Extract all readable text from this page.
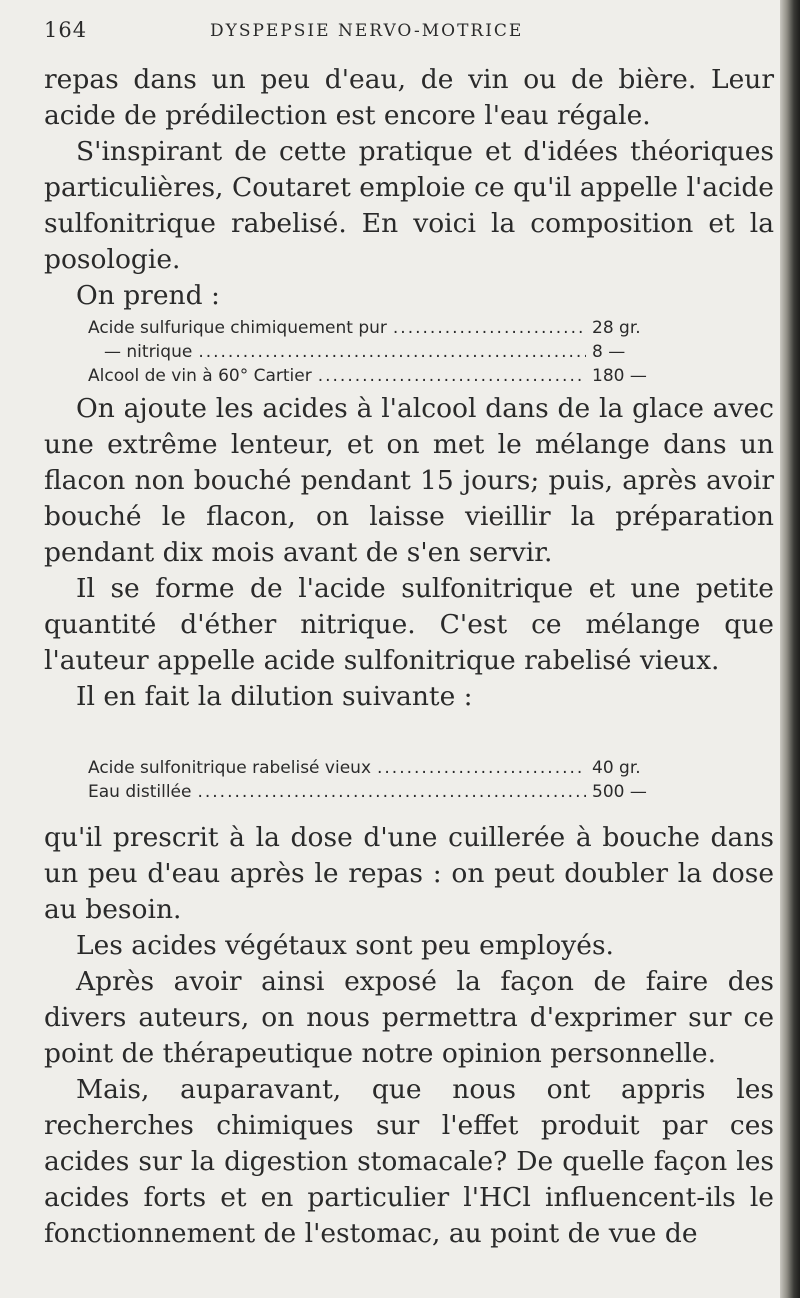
164	DYSPEPSIE NERVO-MOTRICE

repas dans un peu d'eau, de vin ou de bière. Leur acide de prédilection est encore l'eau régale.

S'inspirant de cette pratique et d'idées théoriques particulières, Coutaret emploie ce qu'il appelle l'acide sulfonitrique rabelisé. En voici la composition et la posologie.

On prend :

Acide sulfurique chimiquement pur .....	28 gr.
— nitrique .....	8 —
Alcool de vin à 60° Cartier .....	180 —

On ajoute les acides à l'alcool dans de la glace avec une extrême lenteur, et on met le mélange dans un flacon non bouché pendant 15 jours; puis, après avoir bouché le flacon, on laisse vieillir la préparation pendant dix mois avant de s'en servir.

Il se forme de l'acide sulfonitrique et une petite quantité d'éther nitrique. C'est ce mélange que l'auteur appelle acide sulfonitrique rabelisé vieux.

Il en fait la dilution suivante :

Acide sulfonitrique rabelisé vieux .....	40 gr.
Eau distillée .....	500 —

qu'il prescrit à la dose d'une cuillerée à bouche dans un peu d'eau après le repas : on peut doubler la dose au besoin.

Les acides végétaux sont peu employés.

Après avoir ainsi exposé la façon de faire des divers auteurs, on nous permettra d'exprimer sur ce point de thérapeutique notre opinion personnelle.

Mais, auparavant, que nous ont appris les recherches chimiques sur l'effet produit par ces acides sur la digestion stomacale? De quelle façon les acides forts et en particulier l'HCl influencent-ils le fonctionnement de l'estomac, au point de vue de
